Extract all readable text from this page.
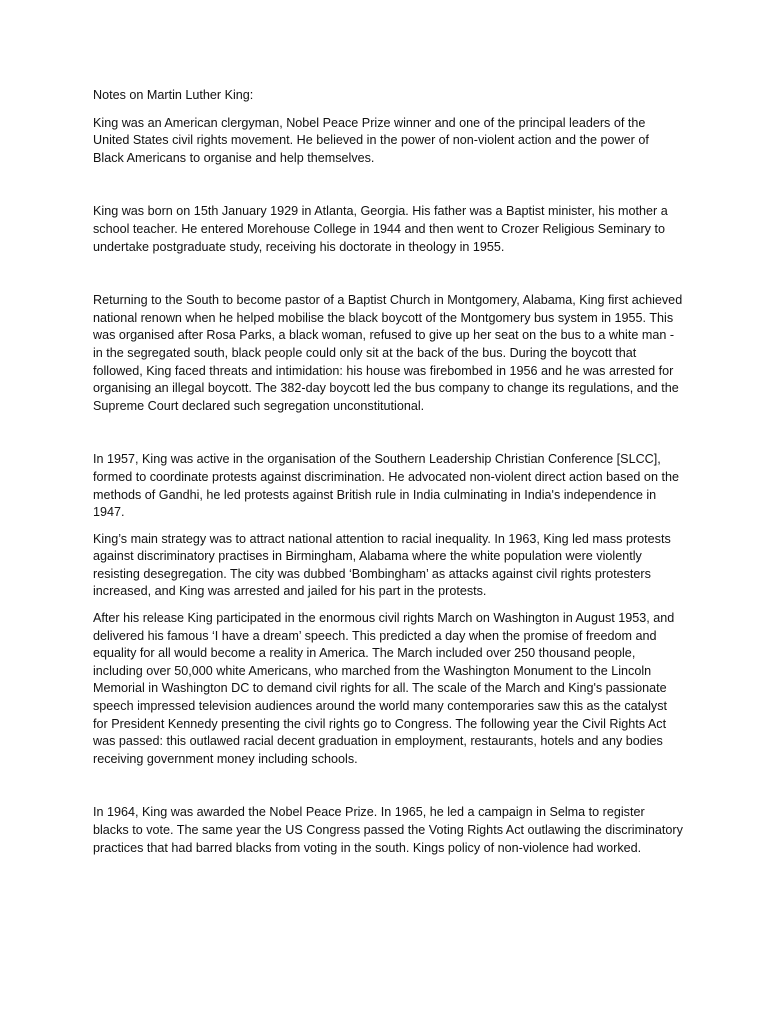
Notes on Martin Luther King:

King was an American clergyman, Nobel Peace Prize winner and one of the principal leaders of the United States civil rights movement. He believed in the power of non-violent action and the power of Black Americans to organise and help themselves.

King was born on 15th January 1929 in Atlanta, Georgia. His father was a Baptist minister, his mother a school teacher. He entered Morehouse College in 1944 and then went to Crozer Religious Seminary to undertake postgraduate study, receiving his doctorate in theology in 1955.

Returning to the South to become pastor of a Baptist Church in Montgomery, Alabama, King first achieved national renown when he helped mobilise the black boycott of the Montgomery bus system in 1955. This was organised after Rosa Parks, a black woman, refused to give up her seat on the bus to a white man - in the segregated south, black people could only sit at the back of the bus. During the boycott that followed, King faced threats and intimidation: his house was firebombed in 1956 and he was arrested for organising an illegal boycott. The 382-day boycott led the bus company to change its regulations, and the Supreme Court declared such segregation unconstitutional.

In 1957, King was active in the organisation of the Southern Leadership Christian Conference [SLCC], formed to coordinate protests against discrimination. He advocated non-violent direct action based on the methods of Gandhi, he led protests against British rule in India culminating in India's independence in 1947.

King’s main strategy was to attract national attention to racial inequality. In 1963, King led mass protests against discriminatory practises in Birmingham, Alabama where the white population were violently resisting desegregation. The city was dubbed ‘Bombingham’ as attacks against civil rights protesters increased, and King was arrested and jailed for his part in the protests.

After his release King participated in the enormous civil rights March on Washington in August 1953, and delivered his famous ‘I have a dream’ speech. This predicted a day when the promise of freedom and equality for all would become a reality in America. The March included over 250 thousand people, including over 50,000 white Americans, who marched from the Washington Monument to the Lincoln Memorial in Washington DC to demand civil rights for all. The scale of the March and King's passionate speech impressed television audiences around the world many contemporaries saw this as the catalyst for President Kennedy presenting the civil rights go to Congress. The following year the Civil Rights Act was passed: this outlawed racial decent graduation in employment, restaurants, hotels and any bodies receiving government money including schools.

In 1964, King was awarded the Nobel Peace Prize. In 1965, he led a campaign in Selma to register blacks to vote. The same year the US Congress passed the Voting Rights Act outlawing the discriminatory practices that had barred blacks from voting in the south. Kings policy of non-violence had worked.
